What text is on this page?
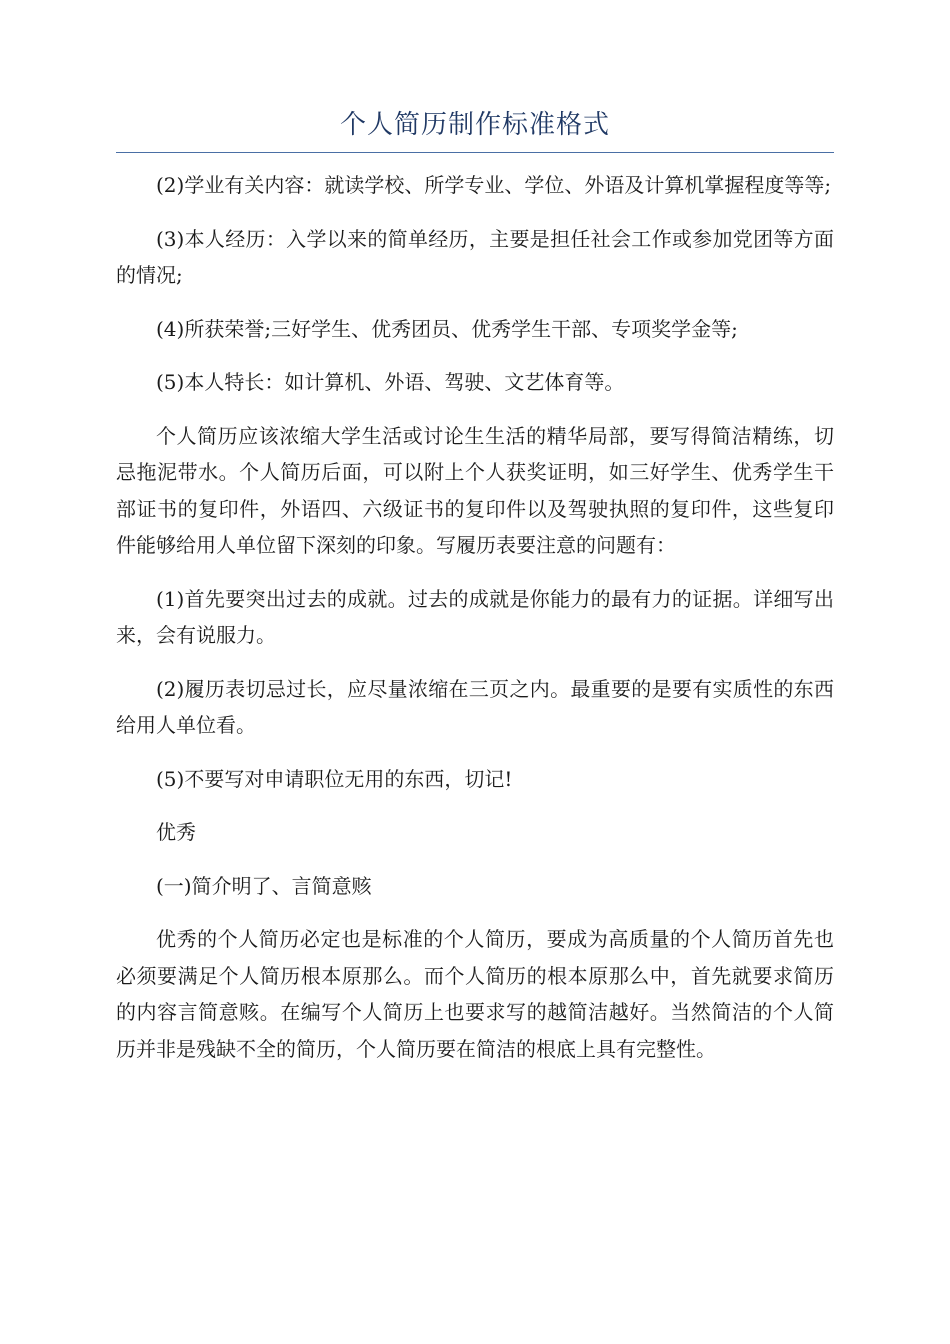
个人简历制作标准格式

(2)学业有关内容：就读学校、所学专业、学位、外语及计算机掌握程度等等;

(3)本人经历：入学以来的简单经历，主要是担任社会工作或参加党团等方面的情况;

(4)所获荣誉;三好学生、优秀团员、优秀学生干部、专项奖学金等;

(5)本人特长：如计算机、外语、驾驶、文艺体育等。

个人简历应该浓缩大学生活或讨论生生活的精华局部，要写得简洁精练，切忌拖泥带水。个人简历后面，可以附上个人获奖证明，如三好学生、优秀学生干部证书的复印件，外语四、六级证书的复印件以及驾驶执照的复印件，这些复印件能够给用人单位留下深刻的印象。写履历表要注意的问题有：

(1)首先要突出过去的成就。过去的成就是你能力的最有力的证据。详细写出来，会有说服力。

(2)履历表切忌过长，应尽量浓缩在三页之内。最重要的是要有实质性的东西给用人单位看。

(5)不要写对申请职位无用的东西，切记!

优秀

(一)简介明了、言简意赅

优秀的个人简历必定也是标准的个人简历，要成为高质量的个人简历首先也必须要满足个人简历根本原那么。而个人简历的根本原那么中，首先就要求简历的内容言简意赅。在编写个人简历上也要求写的越简洁越好。当然简洁的个人简历并非是残缺不全的简历，个人简历要在简洁的根底上具有完整性。
